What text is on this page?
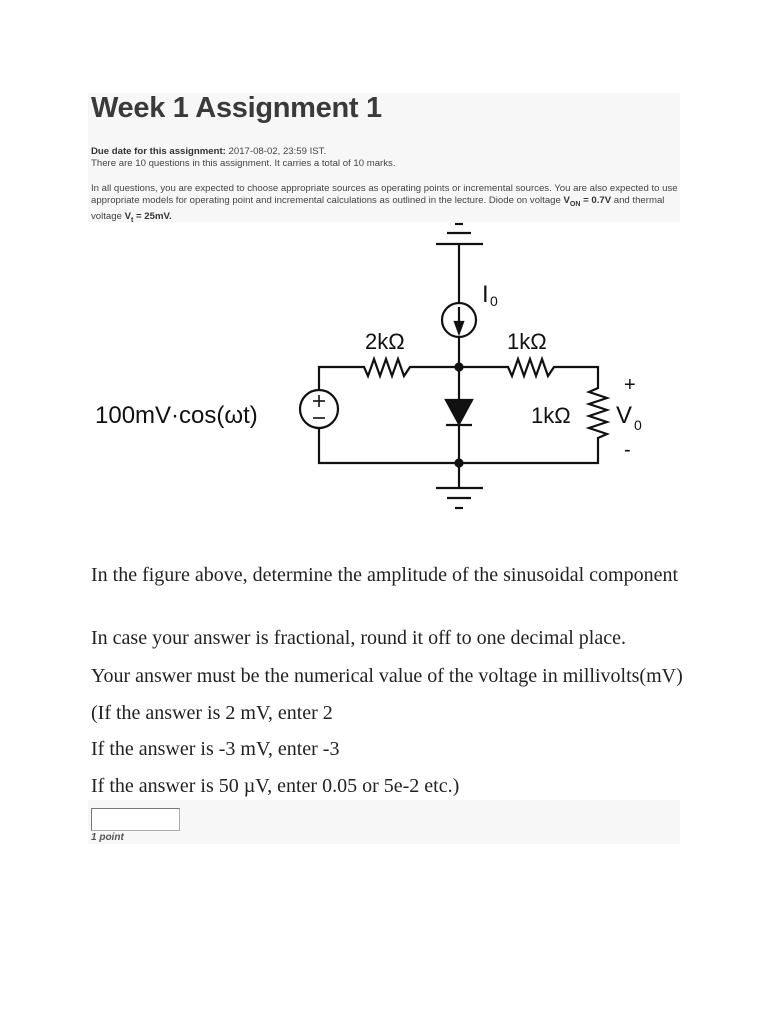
Week 1 Assignment 1
Due date for this assignment: 2017-08-02, 23:59 IST.
There are 10 questions in this assignment. It carries a total of 10 marks.
In all questions, you are expected to choose appropriate sources as operating points or incremental sources. You are also expected to use appropriate models for operating point and incremental calculations as outlined in the lecture. Diode on voltage $V_{ON} = 0.7V$ and thermal voltage $V_t = 25mV$.
2kΩ	1kΩ
1kΩ
100mV·cos(ωt)
I 0
+
V 0
-
In the figure above, determine the amplitude of the sinusoidal component
In case your answer is fractional, round it off to one decimal place.
Your answer must be the numerical value of the voltage in millivolts(mV)
(If the answer is 2 mV, enter 2
If the answer is -3 mV, enter -3
If the answer is 50 µV, enter 0.05 or 5e-2 etc.)
1 point
